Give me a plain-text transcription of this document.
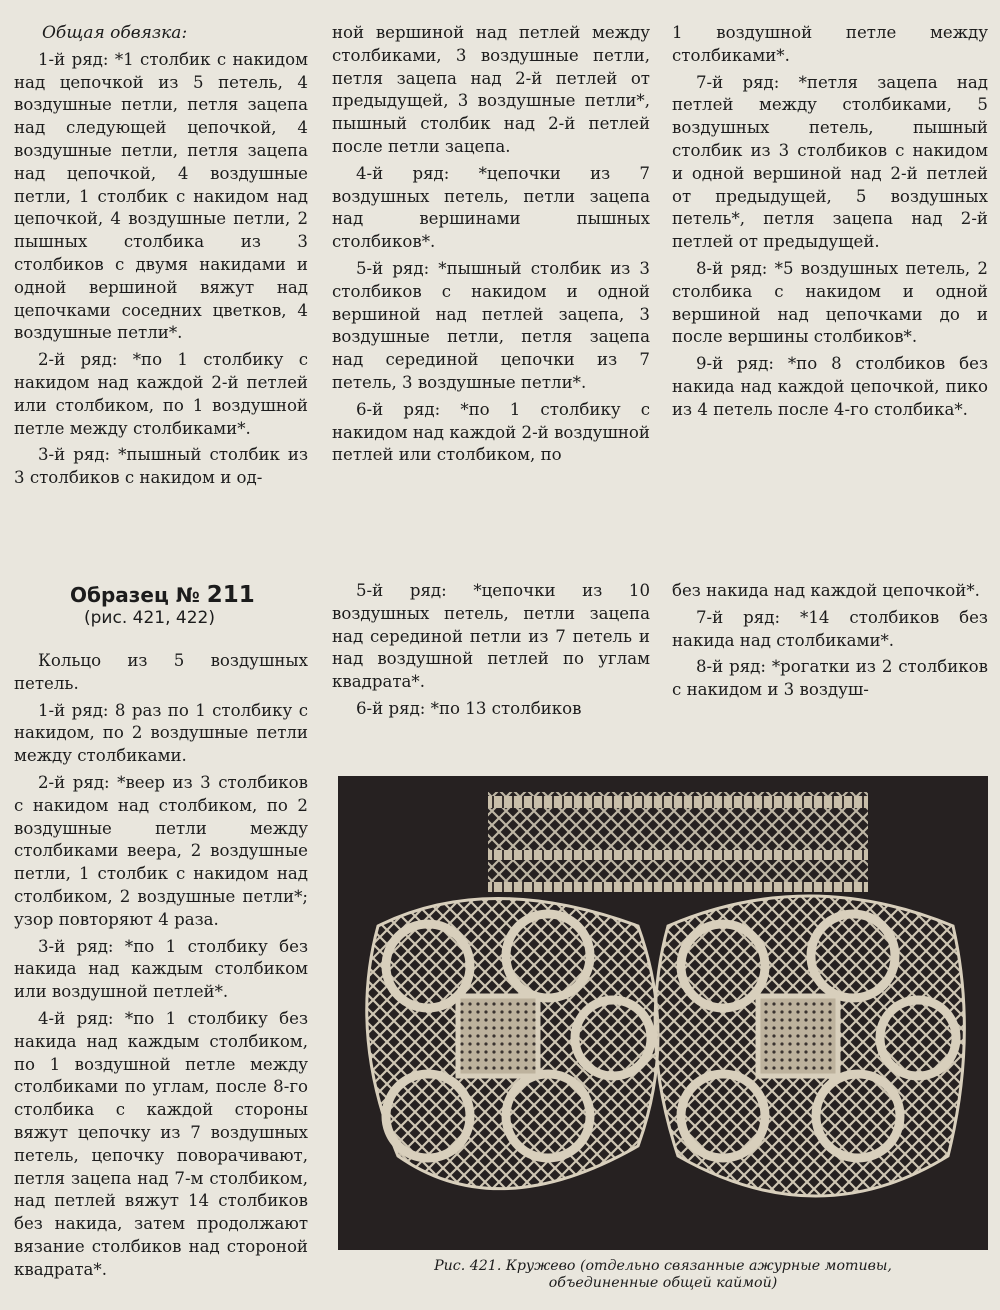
Общая обвязка:

1-й ряд: *1 столбик с накидом над цепочкой из 5 петель, 4 воздушные петли, петля зацепа над следующей цепочкой, 4 воздушные петли, петля зацепа над цепочкой, 4 воздушные петли, 1 столбик с накидом над цепочкой, 4 воздушные петли, 2 пышных столбика из 3 столбиков с двумя накидами и одной вершиной вяжут над цепочками соседних цветков, 4 воздушные петли*.

2-й ряд: *по 1 столбику с накидом над каждой 2-й петлей или столбиком, по 1 воздушной петле между столбиками*.

3-й ряд: *пышный столбик из 3 столбиков с накидом и од-

ной вершиной над петлей между столбиками, 3 воздушные петли, петля зацепа над 2-й петлей от предыдущей, 3 воздушные петли*, пышный столбик над 2-й петлей после петли зацепа.

4-й ряд: *цепочки из 7 воздушных петель, петли зацепа над вершинами пышных столбиков*.

5-й ряд: *пышный столбик из 3 столбиков с накидом и одной вершиной над петлей зацепа, 3 воздушные петли, петля зацепа над серединой цепочки из 7 петель, 3 воздушные петли*.

6-й ряд: *по 1 столбику с накидом над каждой 2-й воздушной петлей или столбиком, по

1 воздушной петле между столбиками*.

7-й ряд: *петля зацепа над петлей между столбиками, 5 воздушных петель, пышный столбик из 3 столбиков с накидом и одной вершиной над 2-й петлей от предыдущей, 5 воздушных петель*, петля зацепа над 2-й петлей от предыдущей.

8-й ряд: *5 воздушных петель, 2 столбика с накидом и одной вершиной над цепочками до и после вершины столбиков*.

9-й ряд: *по 8 столбиков без накида над каждой цепочкой, пико из 4 петель после 4-го столбика*.

Образец № 211

(рис. 421, 422)

Кольцо из 5 воздушных петель.

1-й ряд: 8 раз по 1 столбику с накидом, по 2 воздушные петли между столбиками.

2-й ряд: *веер из 3 столбиков с накидом над столбиком, по 2 воздушные петли между столбиками веера, 2 воздушные петли, 1 столбик с накидом над столбиком, 2 воздушные петли*; узор повторяют 4 раза.

3-й ряд: *по 1 столбику без накида над каждым столбиком или воздушной петлей*.

4-й ряд: *по 1 столбику без накида над каждым столбиком, по 1 воздушной петле между столбиками по углам, после 8-го столбика с каждой стороны вяжут цепочку из 7 воздушных петель, цепочку поворачивают, петля зацепа над 7-м столбиком, над петлей вяжут 14 столбиков без накида, затем продолжают вязание столбиков над стороной квадрата*.

5-й ряд: *цепочки из 10 воздушных петель, петли зацепа над серединой петли из 7 петель и над воздушной петлей по углам квадрата*.

6-й ряд: *по 13 столбиков

без накида над каждой цепочкой*.

7-й ряд: *14 столбиков без накида над столбиками*.

8-й ряд: *рогатки из 2 столбиков с накидом и 3 воздуш-

Рис. 421. Кружево (отдельно связанные ажурные мотивы,
объединенные общей каймой)
